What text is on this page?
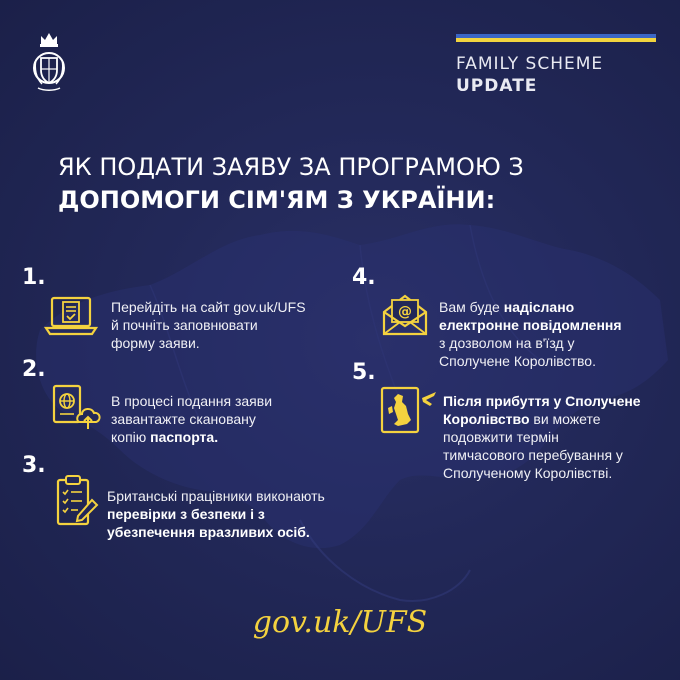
FAMILY SCHEME
UPDATE
ЯК ПОДАТИ ЗАЯВУ ЗА ПРОГРАМОЮ З
ДОПОМОГИ СІМ'ЯМ З УКРАЇНИ:
1.
Перейдіть на сайт gov.uk/UFS
й почніть заповнювати
форму заяви.
2.
В процесі подання заяви
завантажте скановану
копію паспорта.
3.
Британські працівники виконають
перевірки з безпеки і з
убезпечення вразливих осіб.
4.
@ Вам буде надіслано
електронне повідомлення
з дозволом на в'їзд у
Сполучене Королівство.
5.
Після прибуття у Сполучене
Королівство ви можете
подовжити термін
тимчасового перебування у
Сполученому Королівстві.
gov.uk/UFS
